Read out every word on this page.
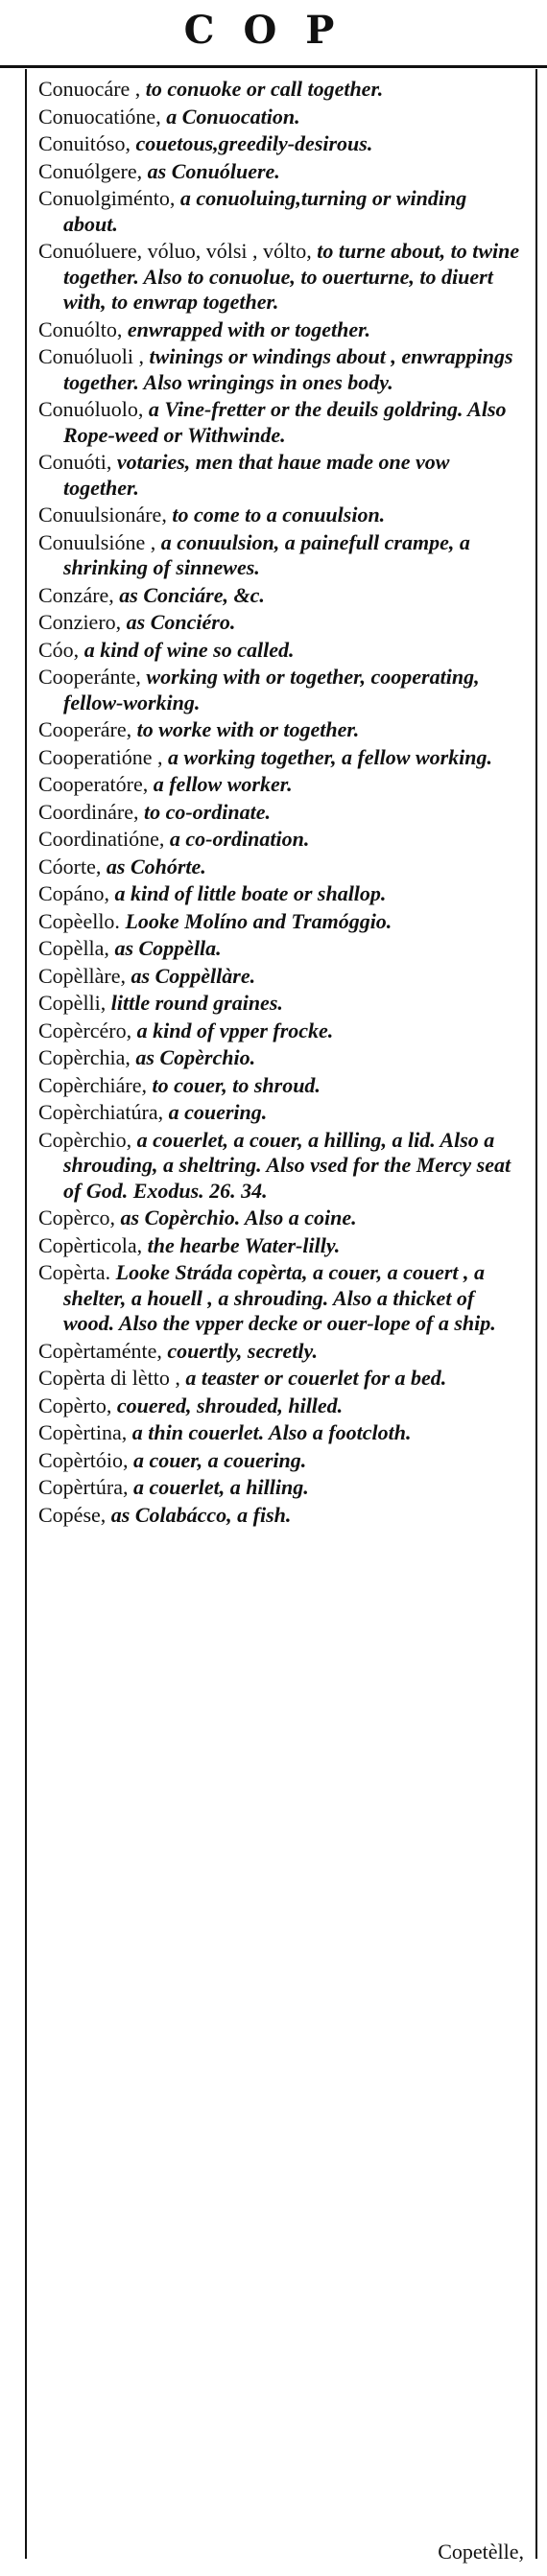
COP
Conuocáre , to conuoke or call together.
Conuocatióne, a Conuocation.
Conuitóso, couetous,greedily-desirous.
Conuólgere, as Conuóluere.
Conuolgiménto, a conuoluing,turning or winding about.
Conuóluere, vóluo, vólsi , vólto, to turne about, to twine together. Also to conuolue, to ouerturne, to diuert with, to enwrap together.
Conuólto, enwrapped with or together.
Conuóluoli , twinings or windings about , enwrappings together. Also wringings in ones body.
Conuóluolo, a Vine-fretter or the deuils goldring. Also Rope-weed or Withwinde.
Conuóti, votaries, men that haue made one vow together.
Conuulsionáre, to come to a conuulsion.
Conuulsióne , a conuulsion, a painefull crampe, a shrinking of sinnewes.
Conzáre, as Conciáre, &c.
Conziero, as Conciéro.
Cóo, a kind of wine so called.
Cooperánte, working with or together, cooperating, fellow-working.
Cooperáre, to worke with or together.
Cooperatióne , a working together, a fellow working.
Cooperatóre, a fellow worker.
Coordináre, to co-ordinate.
Coordinatióne, a co-ordination.
Cóorte, as Cohórte.
Copáno, a kind of little boate or shallop.
Copèello. Looke Molíno and Tramóggio.
Copèlla, as Coppèlla.
Copèllàre, as Coppèllàre.
Copèlli, little round graines.
Copèrcéro, a kind of vpper frocke.
Copèrchia, as Copèrchio.
Copèrchiáre, to couer, to shroud.
Copèrchiatúra, a couering.
Copèrchio, a couerlet, a couer, a hilling, a lid. Also a shrouding, a sheltring. Also vsed for the Mercy seat of God. Exodus. 26. 34.
Copèrco, as Copèrchio. Also a coine.
Copèrticola, the hearbe Water-lilly.
Copèrta. Looke Stráda copèrta, a couer, a couert , a shelter, a houell , a shrouding. Also a thicket of wood. Also the vpper decke or ouer-lope of a ship.
Copèrtaménte, couertly, secretly.
Copèrta di lètto , a teaster or couerlet for a bed.
Copèrto, couered, shrouded, hilled.
Copèrtina, a thin couerlet. Also a footcloth.
Copèrtóio, a couer, a couering.
Copèrtúra, a couerlet, a hilling.
Copése, as Colabácco, a fish.
Copetèlle,
